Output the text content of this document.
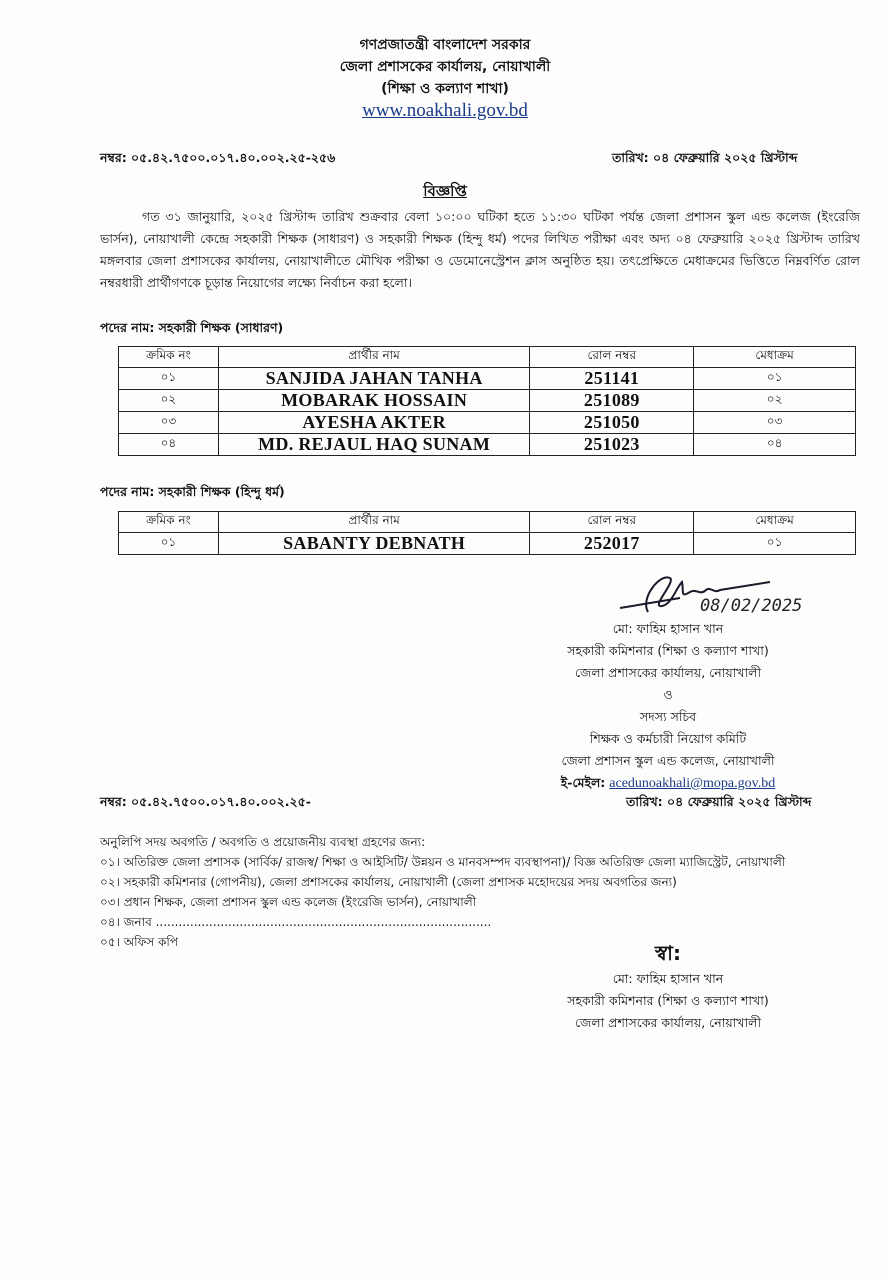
গণপ্রজাতন্ত্রী বাংলাদেশ সরকার
জেলা প্রশাসকের কার্যালয়, নোয়াখালী
(শিক্ষা ও কল্যাণ শাখা)
www.noakhali.gov.bd
নম্বর: ০৫.৪২.৭৫০০.০১৭.৪০.০০২.২৫-২৫৬	তারিখ: ০৪ ফেব্রুয়ারি ২০২৫ খ্রিস্টাব্দ
বিজ্ঞপ্তি
গত ৩১ জানুয়ারি, ২০২৫ খ্রিস্টাব্দ তারিখ শুক্রবার বেলা ১০:০০ ঘটিকা হতে ১১:৩০ ঘটিকা পর্যন্ত জেলা প্রশাসন স্কুল এন্ড কলেজ (ইংরেজি ভার্সন), নোয়াখালী কেন্দ্রে সহকারী শিক্ষক (সাধারণ) ও সহকারী শিক্ষক (হিন্দু ধর্ম) পদের লিখিত পরীক্ষা এবং অদ্য ০৪ ফেব্রুয়ারি ২০২৫ খ্রিস্টাব্দ তারিখ মঙ্গলবার জেলা প্রশাসকের কার্যালয়, নোয়াখালীতে মৌখিক পরীক্ষা ও ডেমোনেস্ট্রেশন ক্লাস অনুষ্ঠিত হয়। তৎপ্রেক্ষিতে মেধাক্রমের ভিত্তিতে নিম্নবর্ণিত রোল নম্বরধারী প্রার্থীগণকে চূড়ান্ত নিয়োগের লক্ষ্যে নির্বাচন করা হলো।
পদের নাম: সহকারী শিক্ষক (সাধারণ)
ক্রমিক নং	প্রার্থীর নাম	রোল নম্বর	মেধাক্রম
০১	SANJIDA JAHAN TANHA	251141	০১
০২	MOBARAK HOSSAIN	251089	০২
০৩	AYESHA AKTER	251050	০৩
০৪	MD. REJAUL HAQ SUNAM	251023	০৪
পদের নাম: সহকারী শিক্ষক (হিন্দু ধর্ম)
ক্রমিক নং	প্রার্থীর নাম	রোল নম্বর	মেধাক্রম
০১	SABANTY DEBNATH	252017	০১
08/02/2025
মো: ফাহিম হাসান খান
সহকারী কমিশনার (শিক্ষা ও কল্যাণ শাখা)
জেলা প্রশাসকের কার্যালয়, নোয়াখালী
ও
সদস্য সচিব
শিক্ষক ও কর্মচারী নিয়োগ কমিটি
জেলা প্রশাসন স্কুল এন্ড কলেজ, নোয়াখালী
ই-মেইল: acedunoakhali@mopa.gov.bd
নম্বর: ০৫.৪২.৭৫০০.০১৭.৪০.০০২.২৫-	তারিখ: ০৪ ফেব্রুয়ারি ২০২৫ খ্রিস্টাব্দ
অনুলিপি সদয় অবগতি / অবগতি ও প্রয়োজনীয় ব্যবস্থা গ্রহণের জন্য:
০১। অতিরিক্ত জেলা প্রশাসক (সার্বিক/ রাজস্ব/ শিক্ষা ও আইসিটি/ উন্নয়ন ও মানবসম্পদ ব্যবস্থাপনা)/ বিজ্ঞ অতিরিক্ত জেলা ম্যাজিস্ট্রেট, নোয়াখালী
০২। সহকারী কমিশনার (গোপনীয়), জেলা প্রশাসকের কার্যালয়, নোয়াখালী (জেলা প্রশাসক মহোদয়ের সদয় অবগতির জন্য)
০৩। প্রধান শিক্ষক, জেলা প্রশাসন স্কুল এন্ড কলেজ (ইংরেজি ভার্সন), নোয়াখালী
০৪। জনাব ........................................................................................
০৫। অফিস কপি	স্বা:
মো: ফাহিম হাসান খান
সহকারী কমিশনার (শিক্ষা ও কল্যাণ শাখা)
জেলা প্রশাসকের কার্যালয়, নোয়াখালী
